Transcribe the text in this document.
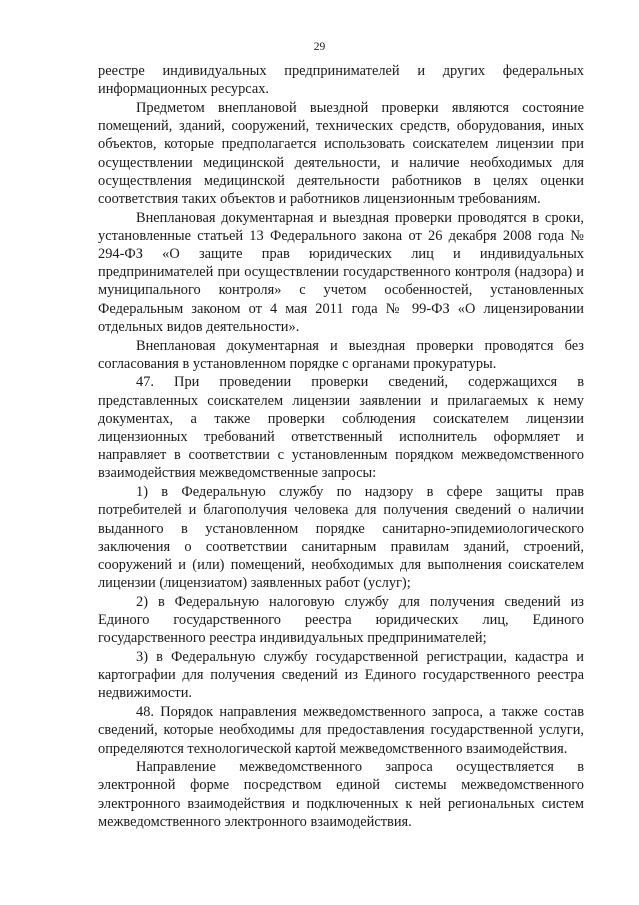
29

реестре индивидуальных предпринимателей и других федеральных информационных ресурсах.

Предметом внеплановой выездной проверки являются состояние помещений, зданий, сооружений, технических средств, оборудования, иных объектов, которые предполагается использовать соискателем лицензии при осуществлении медицинской деятельности, и наличие необходимых для осуществления медицинской деятельности работников в целях оценки соответствия таких объектов и работников лицензионным требованиям.

Внеплановая документарная и выездная проверки проводятся в сроки, установленные статьей 13 Федерального закона от 26 декабря 2008 года № 294-ФЗ «О защите прав юридических лиц и индивидуальных предпринимателей при осуществлении государственного контроля (надзора) и муниципального контроля» с учетом особенностей, установленных Федеральным законом от 4 мая 2011 года № 99-ФЗ «О лицензировании отдельных видов деятельности».

Внеплановая документарная и выездная проверки проводятся без согласования в установленном порядке с органами прокуратуры.

47. При проведении проверки сведений, содержащихся в представленных соискателем лицензии заявлении и прилагаемых к нему документах, а также проверки соблюдения соискателем лицензии лицензионных требований ответственный исполнитель оформляет и направляет в соответствии с установленным порядком межведомственного взаимодействия межведомственные запросы:

1) в Федеральную службу по надзору в сфере защиты прав потребителей и благополучия человека для получения сведений о наличии выданного в установленном порядке санитарно-эпидемиологического заключения о соответствии санитарным правилам зданий, строений, сооружений и (или) помещений, необходимых для выполнения соискателем лицензии (лицензиатом) заявленных работ (услуг);

2) в Федеральную налоговую службу для получения сведений из Единого государственного реестра юридических лиц, Единого государственного реестра индивидуальных предпринимателей;

3) в Федеральную службу государственной регистрации, кадастра и картографии для получения сведений из Единого государственного реестра недвижимости.

48. Порядок направления межведомственного запроса, а также состав сведений, которые необходимы для предоставления государственной услуги, определяются технологической картой межведомственного взаимодействия.

Направление межведомственного запроса осуществляется в электронной форме посредством единой системы межведомственного электронного взаимодействия и подключенных к ней региональных систем межведомственного электронного взаимодействия.
